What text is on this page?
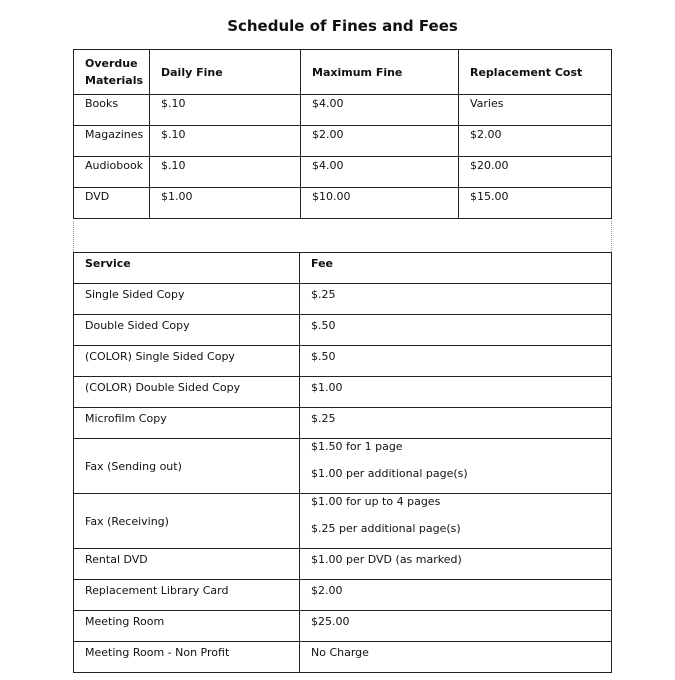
Schedule of Fines and Fees
Overdue
Materials	Daily Fine	Maximum Fine	Replacement Cost
Books	$.10	$4.00	Varies
Magazines	$.10	$2.00	$2.00
Audiobook	$.10	$4.00	$20.00
DVD	$1.00	$10.00	$15.00
Service	Fee
Single Sided Copy	$.25
Double Sided Copy	$.50
(COLOR) Single Sided Copy	$.50
(COLOR) Double Sided Copy	$1.00
Microfilm Copy	$.25
Fax (Sending out)	$1.50 for 1 page
$1.00 per additional page(s)

Fax (Receiving)	$1.00 for up to 4 pages
$.25 per additional page(s)

Rental DVD	$1.00 per DVD (as marked)
Replacement Library Card	$2.00
Meeting Room	$25.00
Meeting Room - Non Profit	No Charge
